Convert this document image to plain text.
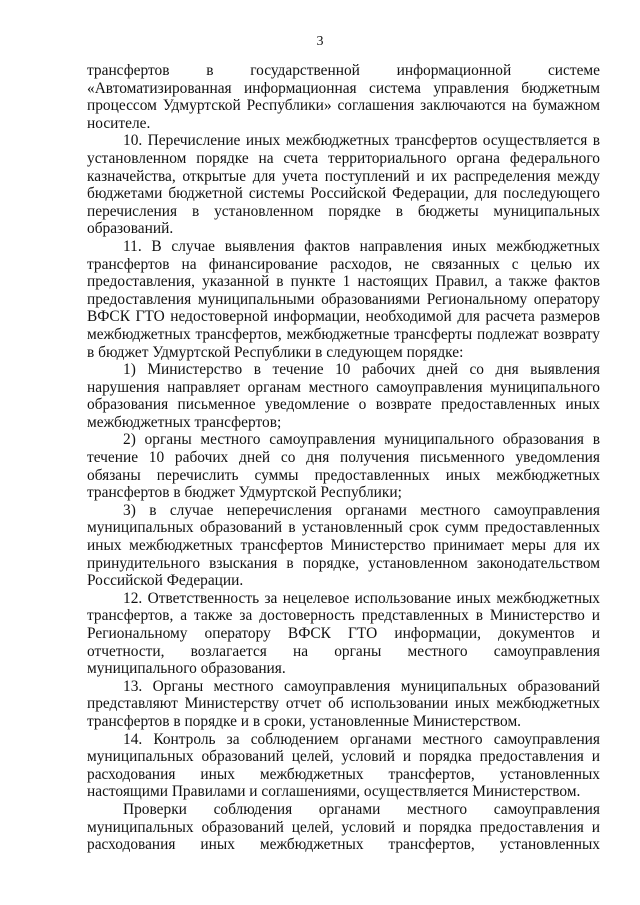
3

трансфертов в государственной информационной системе «Автоматизированная информационная система управления бюджетным процессом Удмуртской Республики» соглашения заключаются на бумажном носителе.

10. Перечисление иных межбюджетных трансфертов осуществляется в установленном порядке на счета территориального органа федерального казначейства, открытые для учета поступлений и их распределения между бюджетами бюджетной системы Российской Федерации, для последующего перечисления в установленном порядке в бюджеты муниципальных образований.

11. В случае выявления фактов направления иных межбюджетных трансфертов на финансирование расходов, не связанных с целью их предоставления, указанной в пункте 1 настоящих Правил, а также фактов предоставления муниципальными образованиями Региональному оператору ВФСК ГТО недостоверной информации, необходимой для расчета размеров межбюджетных трансфертов, межбюджетные трансферты подлежат возврату в бюджет Удмуртской Республики в следующем порядке:

1) Министерство в течение 10 рабочих дней со дня выявления нарушения направляет органам местного самоуправления муниципального образования письменное уведомление о возврате предоставленных иных межбюджетных трансфертов;

2) органы местного самоуправления муниципального образования в течение 10 рабочих дней со дня получения письменного уведомления обязаны перечислить суммы предоставленных иных межбюджетных трансфертов в бюджет Удмуртской Республики;

3) в случае неперечисления органами местного самоуправления муниципальных образований в установленный срок сумм предоставленных иных межбюджетных трансфертов Министерство принимает меры для их принудительного взыскания в порядке, установленном законодательством Российской Федерации.

12. Ответственность за нецелевое использование иных межбюджетных трансфертов, а также за достоверность представленных в Министерство и Региональному оператору ВФСК ГТО информации, документов и отчетности, возлагается на органы местного самоуправления муниципального образования.

13. Органы местного самоуправления муниципальных образований представляют Министерству отчет об использовании иных межбюджетных трансфертов в порядке и в сроки, установленные Министерством.

14. Контроль за соблюдением органами местного самоуправления муниципальных образований целей, условий и порядка предоставления и расходования иных межбюджетных трансфертов, установленных настоящими Правилами и соглашениями, осуществляется Министерством.

Проверки соблюдения органами местного самоуправления муниципальных образований целей, условий и порядка предоставления и расходования иных межбюджетных трансфертов, установленных
